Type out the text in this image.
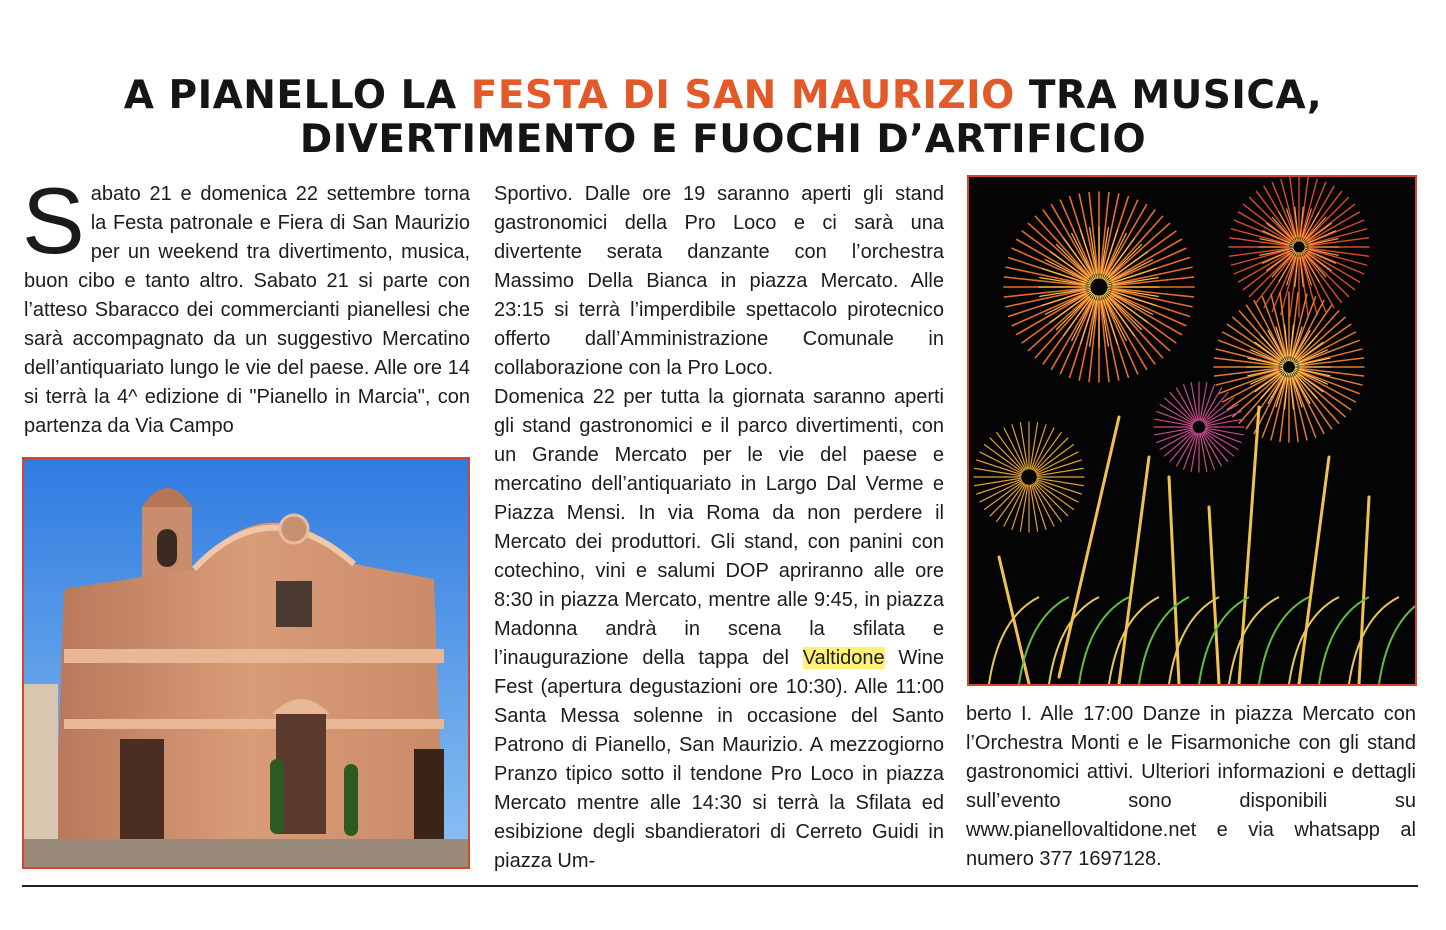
A PIANELLO LA FESTA DI SAN MAURIZIO TRA MUSICA,
DIVERTIMENTO E FUOCHI D’ARTIFICIO
Sabato 21 e domenica 22 settembre torna la Festa patronale e Fiera di San Maurizio per un weekend tra divertimento, musica, buon cibo e tanto altro. Sabato 21 si parte con l’atteso Sbaracco dei commercianti pianellesi che sarà accompagnato da un suggestivo Mercatino dell’antiquariato lungo le vie del paese. Alle ore 14 si terrà la 4^ edizione di "Pianello in Marcia", con partenza da Via Campo

Sportivo. Dalle ore 19 saranno aperti gli stand gastronomici della Pro Loco e ci sarà una divertente serata danzante con l’orchestra Massimo Della Bianca in piazza Mercato. Alle 23:15 si terrà l’imperdibile spettacolo pirotecnico offerto dall’Amministrazione Comunale in collaborazione con la Pro Loco.

Domenica 22 per tutta la giornata saranno aperti gli stand gastronomici e il parco divertimenti, con un Grande Mercato per le vie del paese e mercatino dell’antiquariato in Largo Dal Verme e Piazza Mensi. In via Roma da non perdere il Mercato dei produttori. Gli stand, con panini con cotechino, vini e salumi DOP apriranno alle ore 8:30 in piazza Mercato, mentre alle 9:45, in piazza Madonna andrà in scena la sfilata e l’inaugurazione della tappa del Valtidone Wine Fest (apertura degustazioni ore 10:30). Alle 11:00 Santa Messa solenne in occasione del Santo Patrono di Pianello, San Maurizio. A mezzogiorno Pranzo tipico sotto il tendone Pro Loco in piazza Mercato mentre alle 14:30 si terrà la Sfilata ed esibizione degli sbandieratori di Cerreto Guidi in piazza Um-

berto I. Alle 17:00 Danze in piazza Mercato con l’Orchestra Monti e le Fisarmoniche con gli stand gastronomici attivi. Ulteriori informazioni e dettagli sull’evento sono disponibili su www.pianellovaltidone.net e via whatsapp al numero 377 1697128.
